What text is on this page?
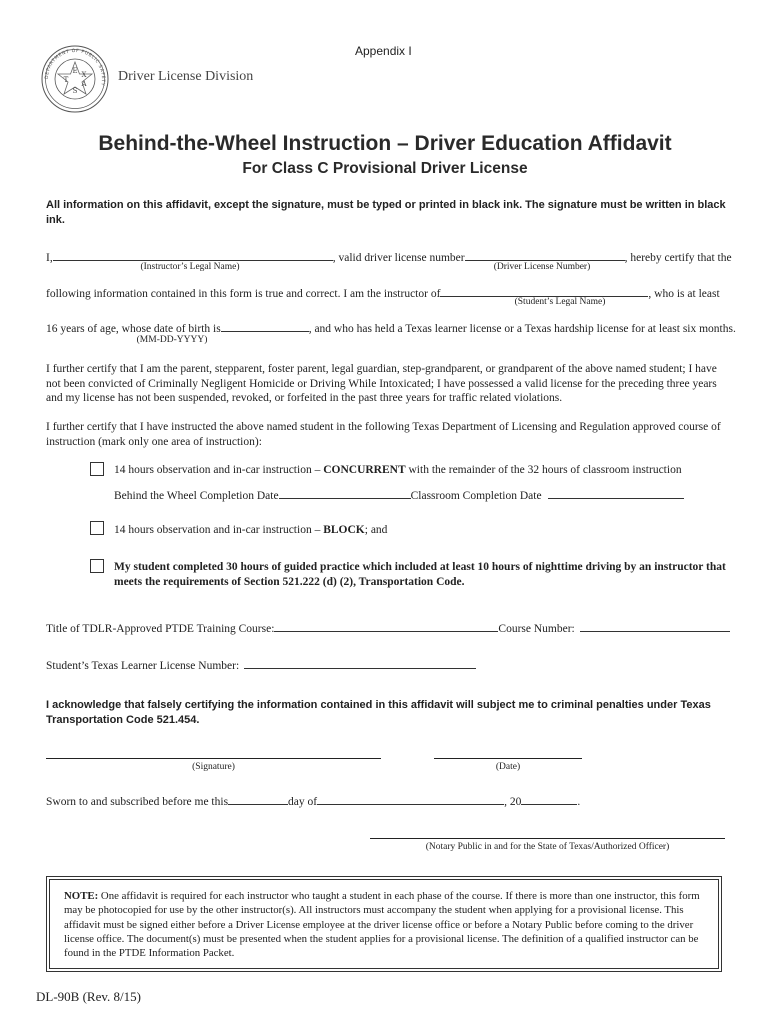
Appendix I
E X
T A
S
DEPARTMENT OF PUBLIC SAFETY
Driver License Division
Behind-the-Wheel Instruction – Driver Education Affidavit
For Class C Provisional Driver License
All information on this affidavit, except the signature, must be typed or printed in black ink. The signature must be written in black ink.
I,	, valid driver license number	, hereby certify that the
(Instructor’s Legal Name)	(Driver License Number)
following information contained in this form is true and correct. I am the instructor of	, who is at least
(Student’s Legal Name)
16 years of age, whose date of birth is	, and who has held a Texas learner license or a Texas hardship license for at least six months.
(MM-DD-YYYY)
I further certify that I am the parent, stepparent, foster parent, legal guardian, step-grandparent, or grandparent of the above named student; I have not been convicted of Criminally Negligent Homicide or Driving While Intoxicated; I have possessed a valid license for the preceding three years and my license has not been suspended, revoked, or forfeited in the past three years for traffic related violations.
I further certify that I have instructed the above named student in the following Texas Department of Licensing and Regulation approved course of instruction (mark only one area of instruction):
14 hours observation and in-car instruction – CONCURRENT with the remainder of the 32 hours of classroom instruction
Behind the Wheel Completion Date	Classroom Completion Date
14 hours observation and in-car instruction – BLOCK; and
My student completed 30 hours of guided practice which included at least 10 hours of nighttime driving by an instructor that meets the requirements of Section 521.222 (d) (2), Transportation Code.
Title of TDLR-Approved PTDE Training Course:	Course Number:
Student’s Texas Learner License Number:
I acknowledge that falsely certifying the information contained in this affidavit will subject me to criminal penalties under Texas Transportation Code 521.454.
(Signature)	(Date)
Sworn to and subscribed before me this	day of	, 20	.
(Notary Public in and for the State of Texas/Authorized Officer)
NOTE: One affidavit is required for each instructor who taught a student in each phase of the course. If there is more than one instructor, this form may be photocopied for use by the other instructor(s). All instructors must accompany the student when applying for a provisional license. This affidavit must be signed either before a Driver License employee at the driver license office or before a Notary Public before coming to the driver license office. The document(s) must be presented when the student applies for a provisional license. The definition of a qualified instructor can be found in the PTDE Information Packet.
DL-90B (Rev. 8/15)
